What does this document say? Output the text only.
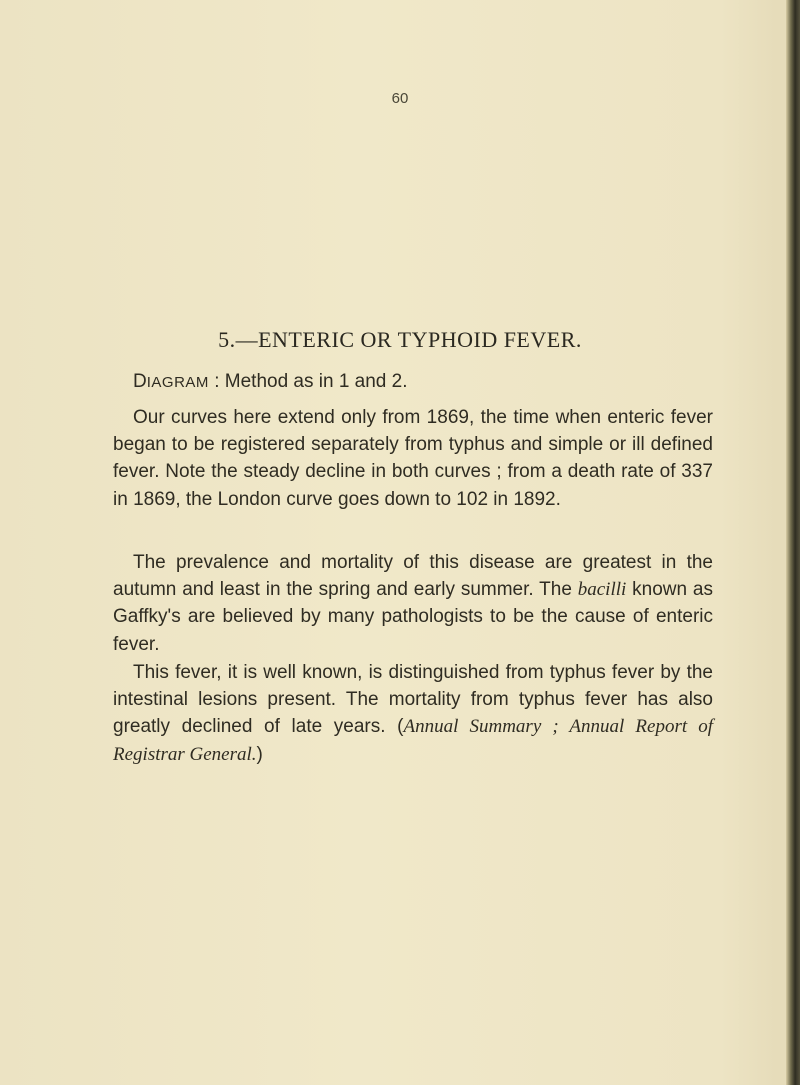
60
5.—ENTERIC OR TYPHOID FEVER.
DIAGRAM : Method as in 1 and 2.

Our curves here extend only from 1869, the time when enteric fever began to be registered separately from typhus and simple or ill defined fever. Note the steady decline in both curves ; from a death rate of 337 in 1869, the London curve goes down to 102 in 1892.

The prevalence and mortality of this disease are greatest in the autumn and least in the spring and early summer. The bacilli known as Gaffky's are believed by many pathologists to be the cause of enteric fever.

This fever, it is well known, is distinguished from typhus fever by the intestinal lesions present. The mortality from typhus fever has also greatly declined of late years. (Annual Summary ; Annual Report of Registrar General.)
